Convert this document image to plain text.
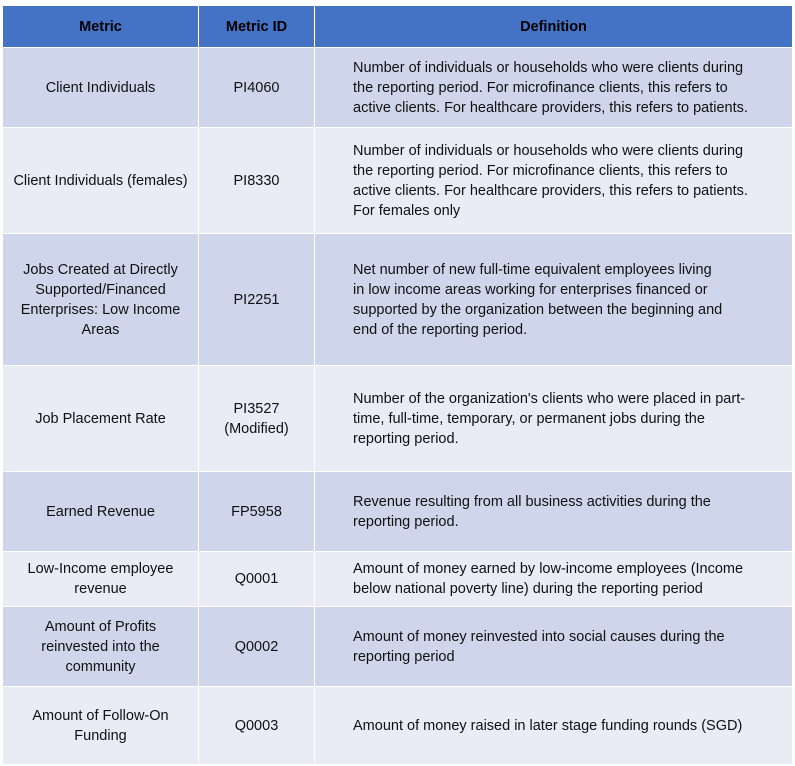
Metric	Metric ID	Definition
Client Individuals	PI4060	Number of individuals or households who were clients during
the reporting period. For microfinance clients, this refers to
active clients. For healthcare providers, this refers to patients.

Client Individuals (females)	PI8330	Number of individuals or households who were clients during
the reporting period. For microfinance clients, this refers to
active clients. For healthcare providers, this refers to patients.
For females only

Jobs Created at Directly Supported/Financed Enterprises: Low Income Areas	PI2251	Net number of new full-time equivalent employees living
in low income areas working for enterprises financed or
supported by the organization between the beginning and
end of the reporting period.

Job Placement Rate	PI3527 (Modified)	Number of the organization's clients who were placed in part-
time, full-time, temporary, or permanent jobs during the
reporting period.

Earned Revenue	FP5958	Revenue resulting from all business activities during the
reporting period.

Low-Income employee revenue	Q0001	Amount of money earned by low-income employees (Income
below national poverty line) during the reporting period

Amount of Profits reinvested into the community	Q0002	Amount of money reinvested into social causes during the
reporting period

Amount of Follow-On Funding	Q0003	Amount of money raised in later stage funding rounds (SGD)
